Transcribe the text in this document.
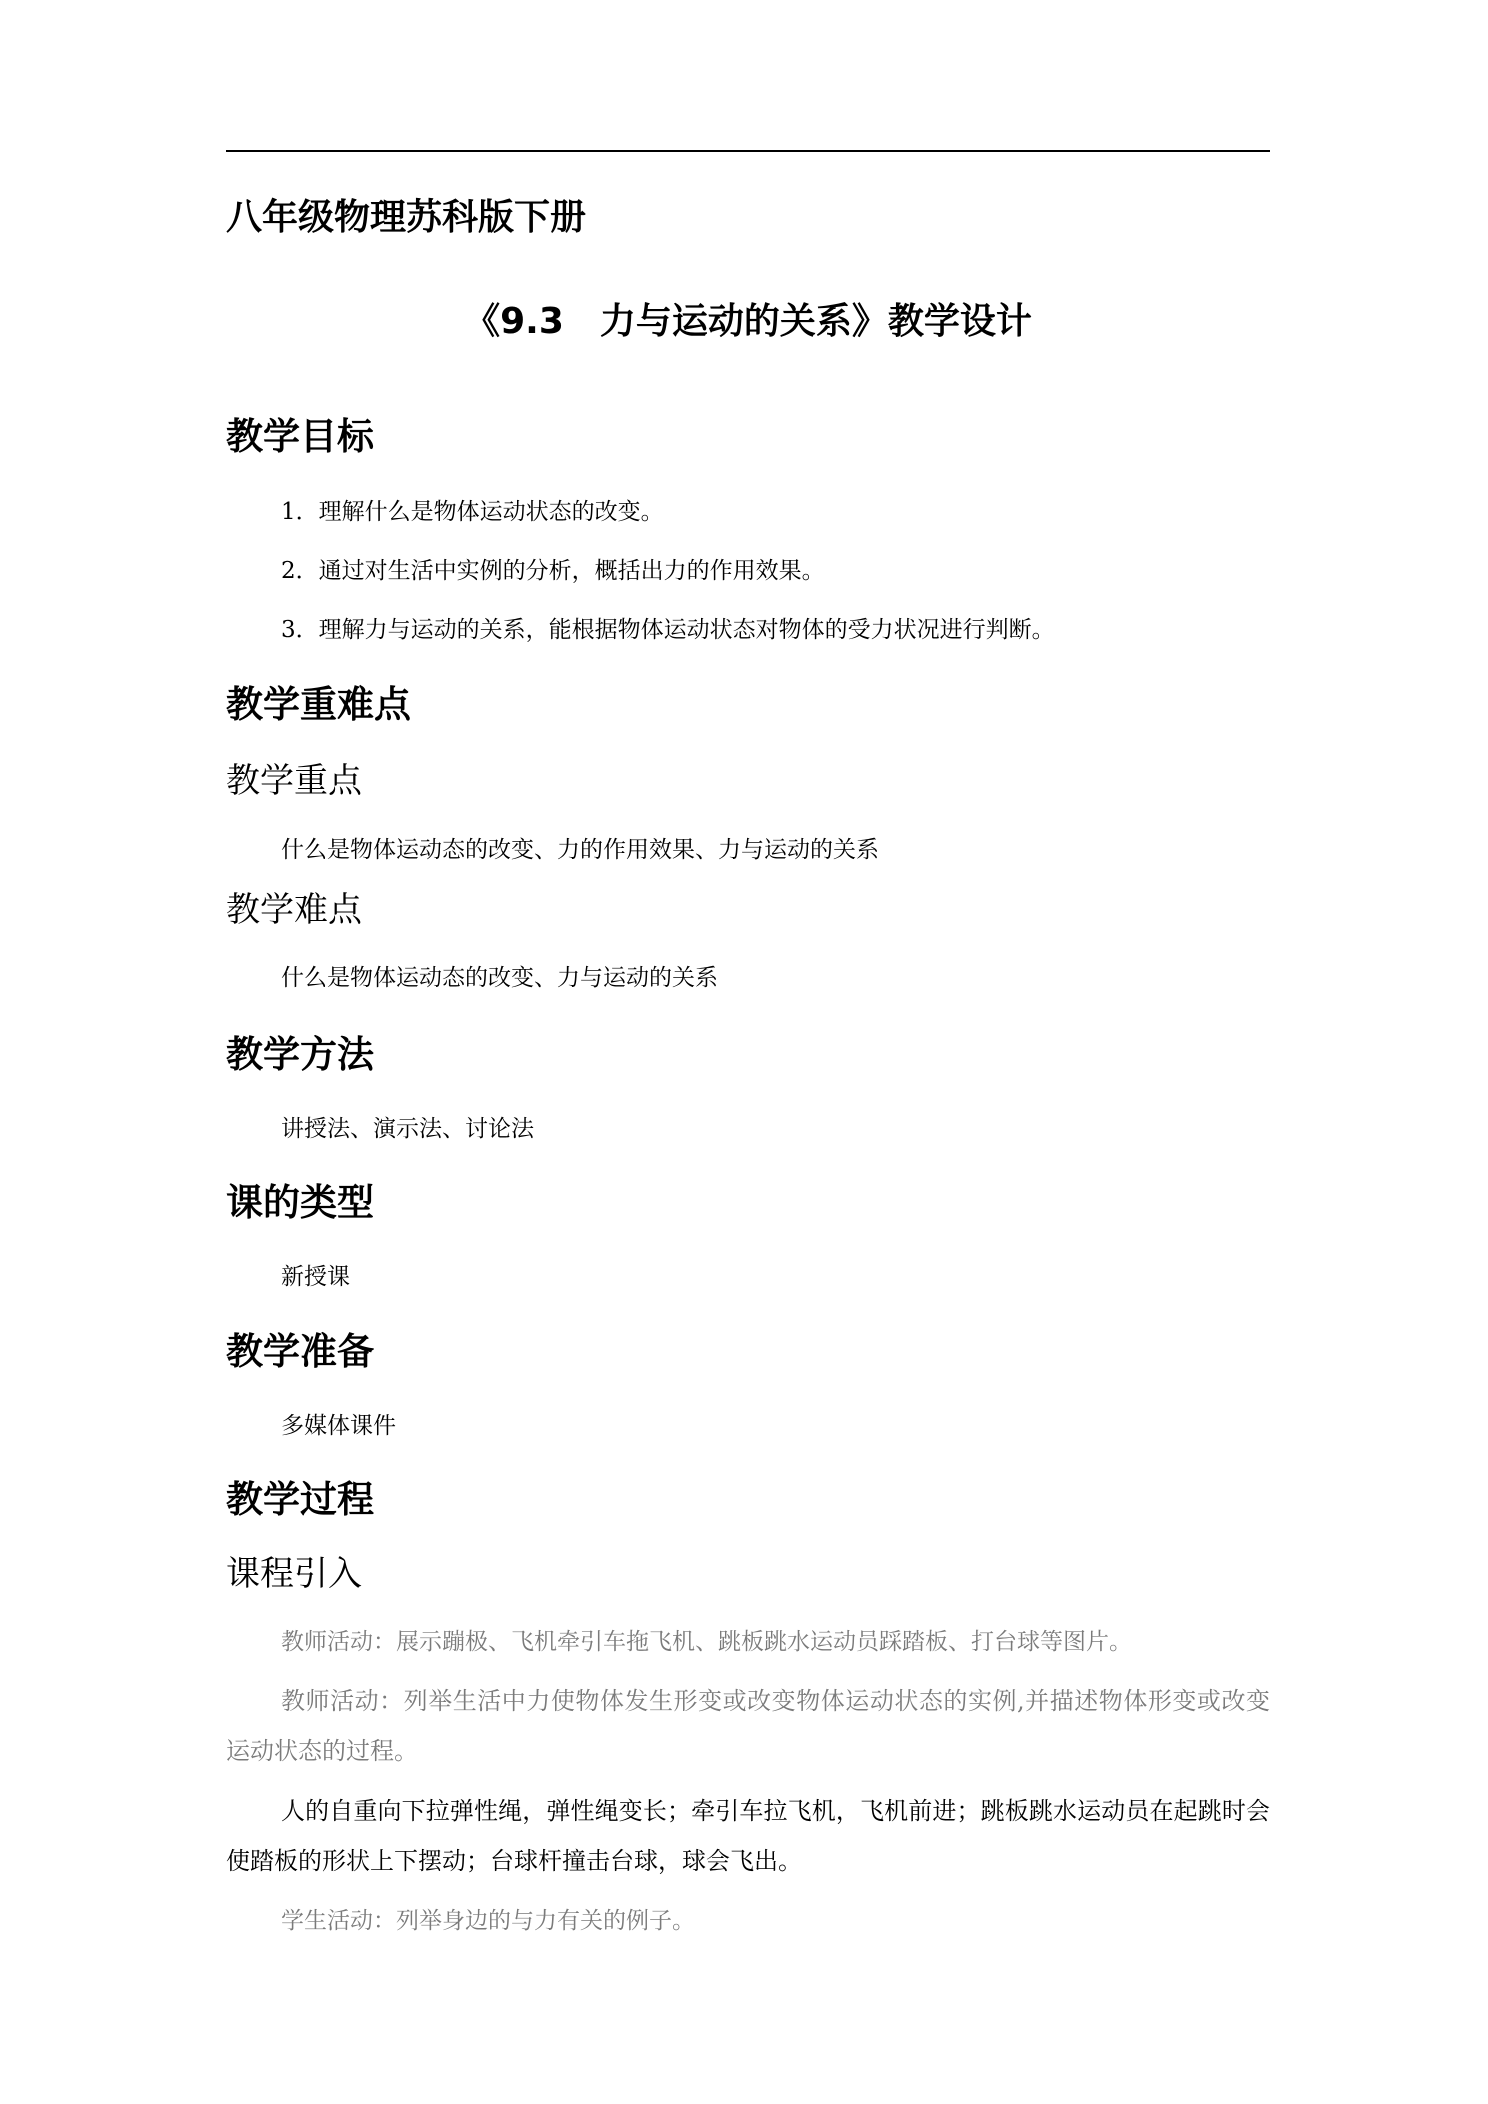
八年级物理苏科版下册
《9.3　力与运动的关系》教学设计
教学目标
1．理解什么是物体运动状态的改变。
2．通过对生活中实例的分析，概括出力的作用效果。
3．理解力与运动的关系，能根据物体运动状态对物体的受力状况进行判断。
教学重难点
教学重点
什么是物体运动态的改变、力的作用效果、力与运动的关系
教学难点
什么是物体运动态的改变、力与运动的关系
教学方法
讲授法、演示法、讨论法
课的类型
新授课
教学准备
多媒体课件
教学过程
课程引入
教师活动：展示蹦极、飞机牵引车拖飞机、跳板跳水运动员踩踏板、打台球等图片。
教师活动：列举生活中力使物体发生形变或改变物体运动状态的实例,并描述物体形变或改变运动状态的过程。
人的自重向下拉弹性绳，弹性绳变长；牵引车拉飞机，飞机前进；跳板跳水运动员在起跳时会使踏板的形状上下摆动；台球杆撞击台球，球会飞出。
学生活动：列举身边的与力有关的例子。
